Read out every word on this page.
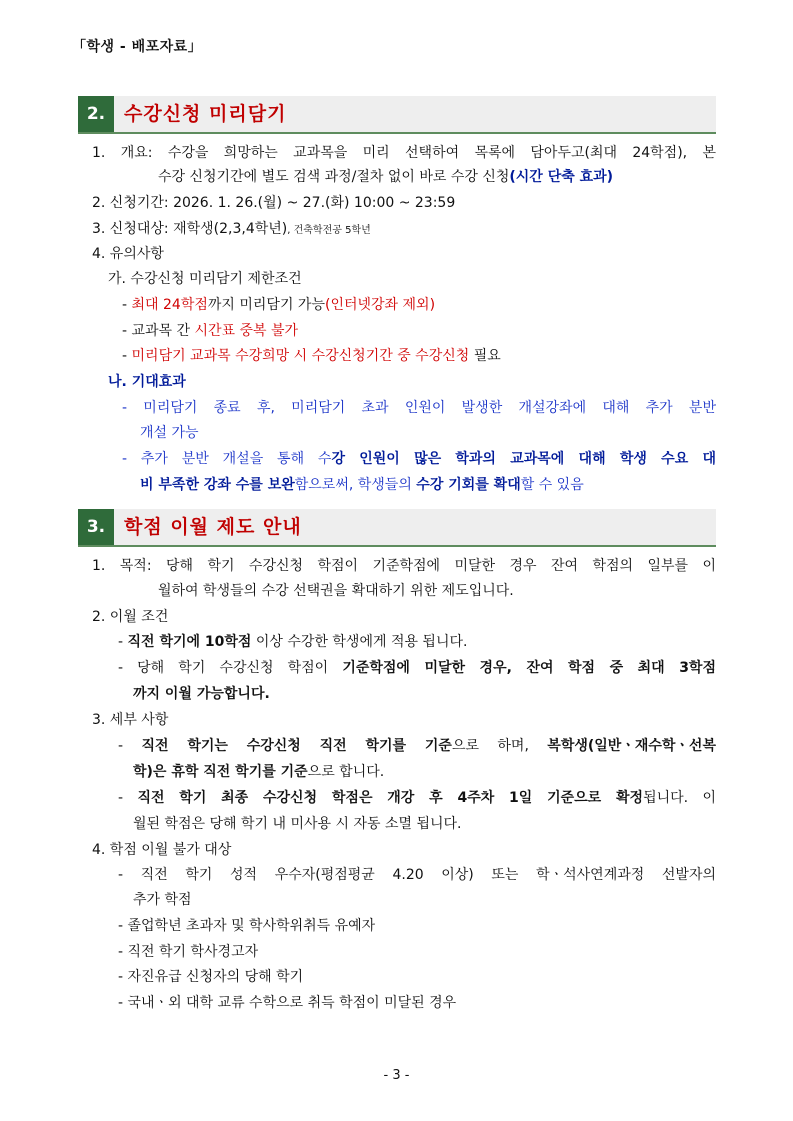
「학생 - 배포자료」
2. 수강신청 미리담기
1. 개요: 수강을 희망하는 교과목을 미리 선택하여 목록에 담아두고(최대 24학점), 본
수강 신청기간에 별도 검색 과정/절차 없이 바로 수강 신청(시간 단축 효과)
2. 신청기간: 2026. 1. 26.(월) ~ 27.(화) 10:00 ~ 23:59
3. 신청대상: 재학생(2,3,4학년), 건축학전공 5학년
4. 유의사항
가. 수강신청 미리담기 제한조건
- 최대 24학점까지 미리담기 가능(인터넷강좌 제외)
- 교과목 간 시간표 중복 불가
- 미리담기 교과목 수강희망 시 수강신청기간 중 수강신청 필요
나. 기대효과
- 미리담기 종료 후, 미리담기 초과 인원이 발생한 개설강좌에 대해 추가 분반
개설 가능
- 추가 분반 개설을 통해 수강 인원이 많은 학과의 교과목에 대해 학생 수요 대
비 부족한 강좌 수를 보완함으로써, 학생들의 수강 기회를 확대할 수 있음
3. 학점 이월 제도 안내
1. 목적: 당해 학기 수강신청 학점이 기준학점에 미달한 경우 잔여 학점의 일부를 이
월하여 학생들의 수강 선택권을 확대하기 위한 제도입니다.
2. 이월 조건
- 직전 학기에 10학점 이상 수강한 학생에게 적용 됩니다.
- 당해 학기 수강신청 학점이 기준학점에 미달한 경우, 잔여 학점 중 최대 3학점
까지 이월 가능합니다.
3. 세부 사항
- 직전 학기는 수강신청 직전 학기를 기준으로 하며, 복학생(일반ㆍ재수학ㆍ선복
학)은 휴학 직전 학기를 기준으로 합니다.
- 직전 학기 최종 수강신청 학점은 개강 후 4주차 1일 기준으로 확정됩니다. 이
월된 학점은 당해 학기 내 미사용 시 자동 소멸 됩니다.
4. 학점 이월 불가 대상
- 직전 학기 성적 우수자(평점평균 4.20 이상) 또는 학ㆍ석사연계과정 선발자의
추가 학점
- 졸업학년 초과자 및 학사학위취득 유예자
- 직전 학기 학사경고자
- 자진유급 신청자의 당해 학기
- 국내ㆍ외 대학 교류 수학으로 취득 학점이 미달된 경우
- 3 -
